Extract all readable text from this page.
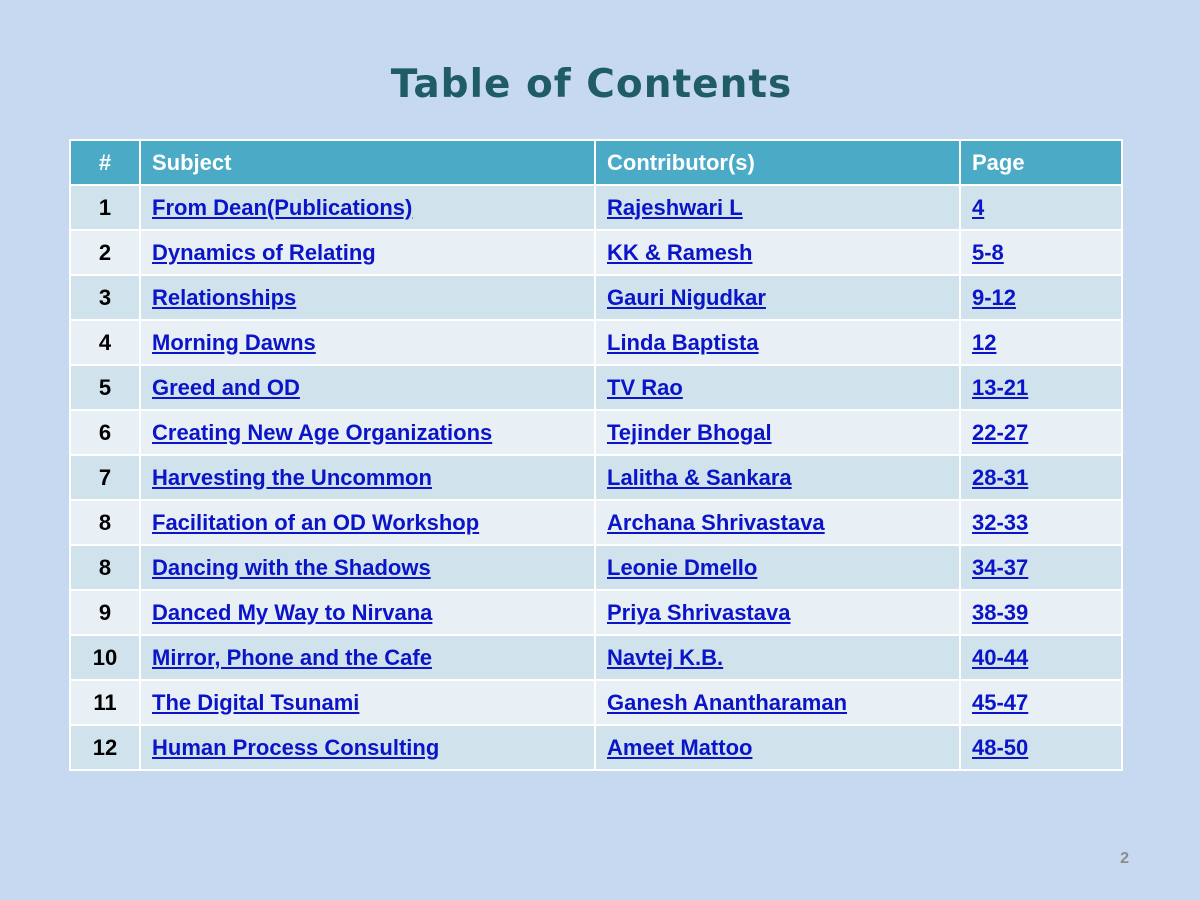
Table of Contents
#	Subject	Contributor(s)	Page
1	From Dean(Publications)	Rajeshwari L	4
2	Dynamics of Relating	KK & Ramesh	5-8
3	Relationships	Gauri Nigudkar	9-12
4	Morning Dawns	Linda Baptista	12
5	Greed and OD	TV Rao	13-21
6	Creating New Age Organizations	Tejinder Bhogal	22-27
7	Harvesting the Uncommon	Lalitha & Sankara	28-31
8	Facilitation of an OD Workshop	Archana Shrivastava	32-33
8	Dancing with the Shadows	Leonie Dmello	34-37
9	Danced My Way to Nirvana	Priya Shrivastava	38-39
10	Mirror, Phone and the Cafe	Navtej K.B.	40-44
11	The Digital Tsunami	Ganesh Anantharaman	45-47
12	Human Process Consulting	Ameet Mattoo	48-50
2
